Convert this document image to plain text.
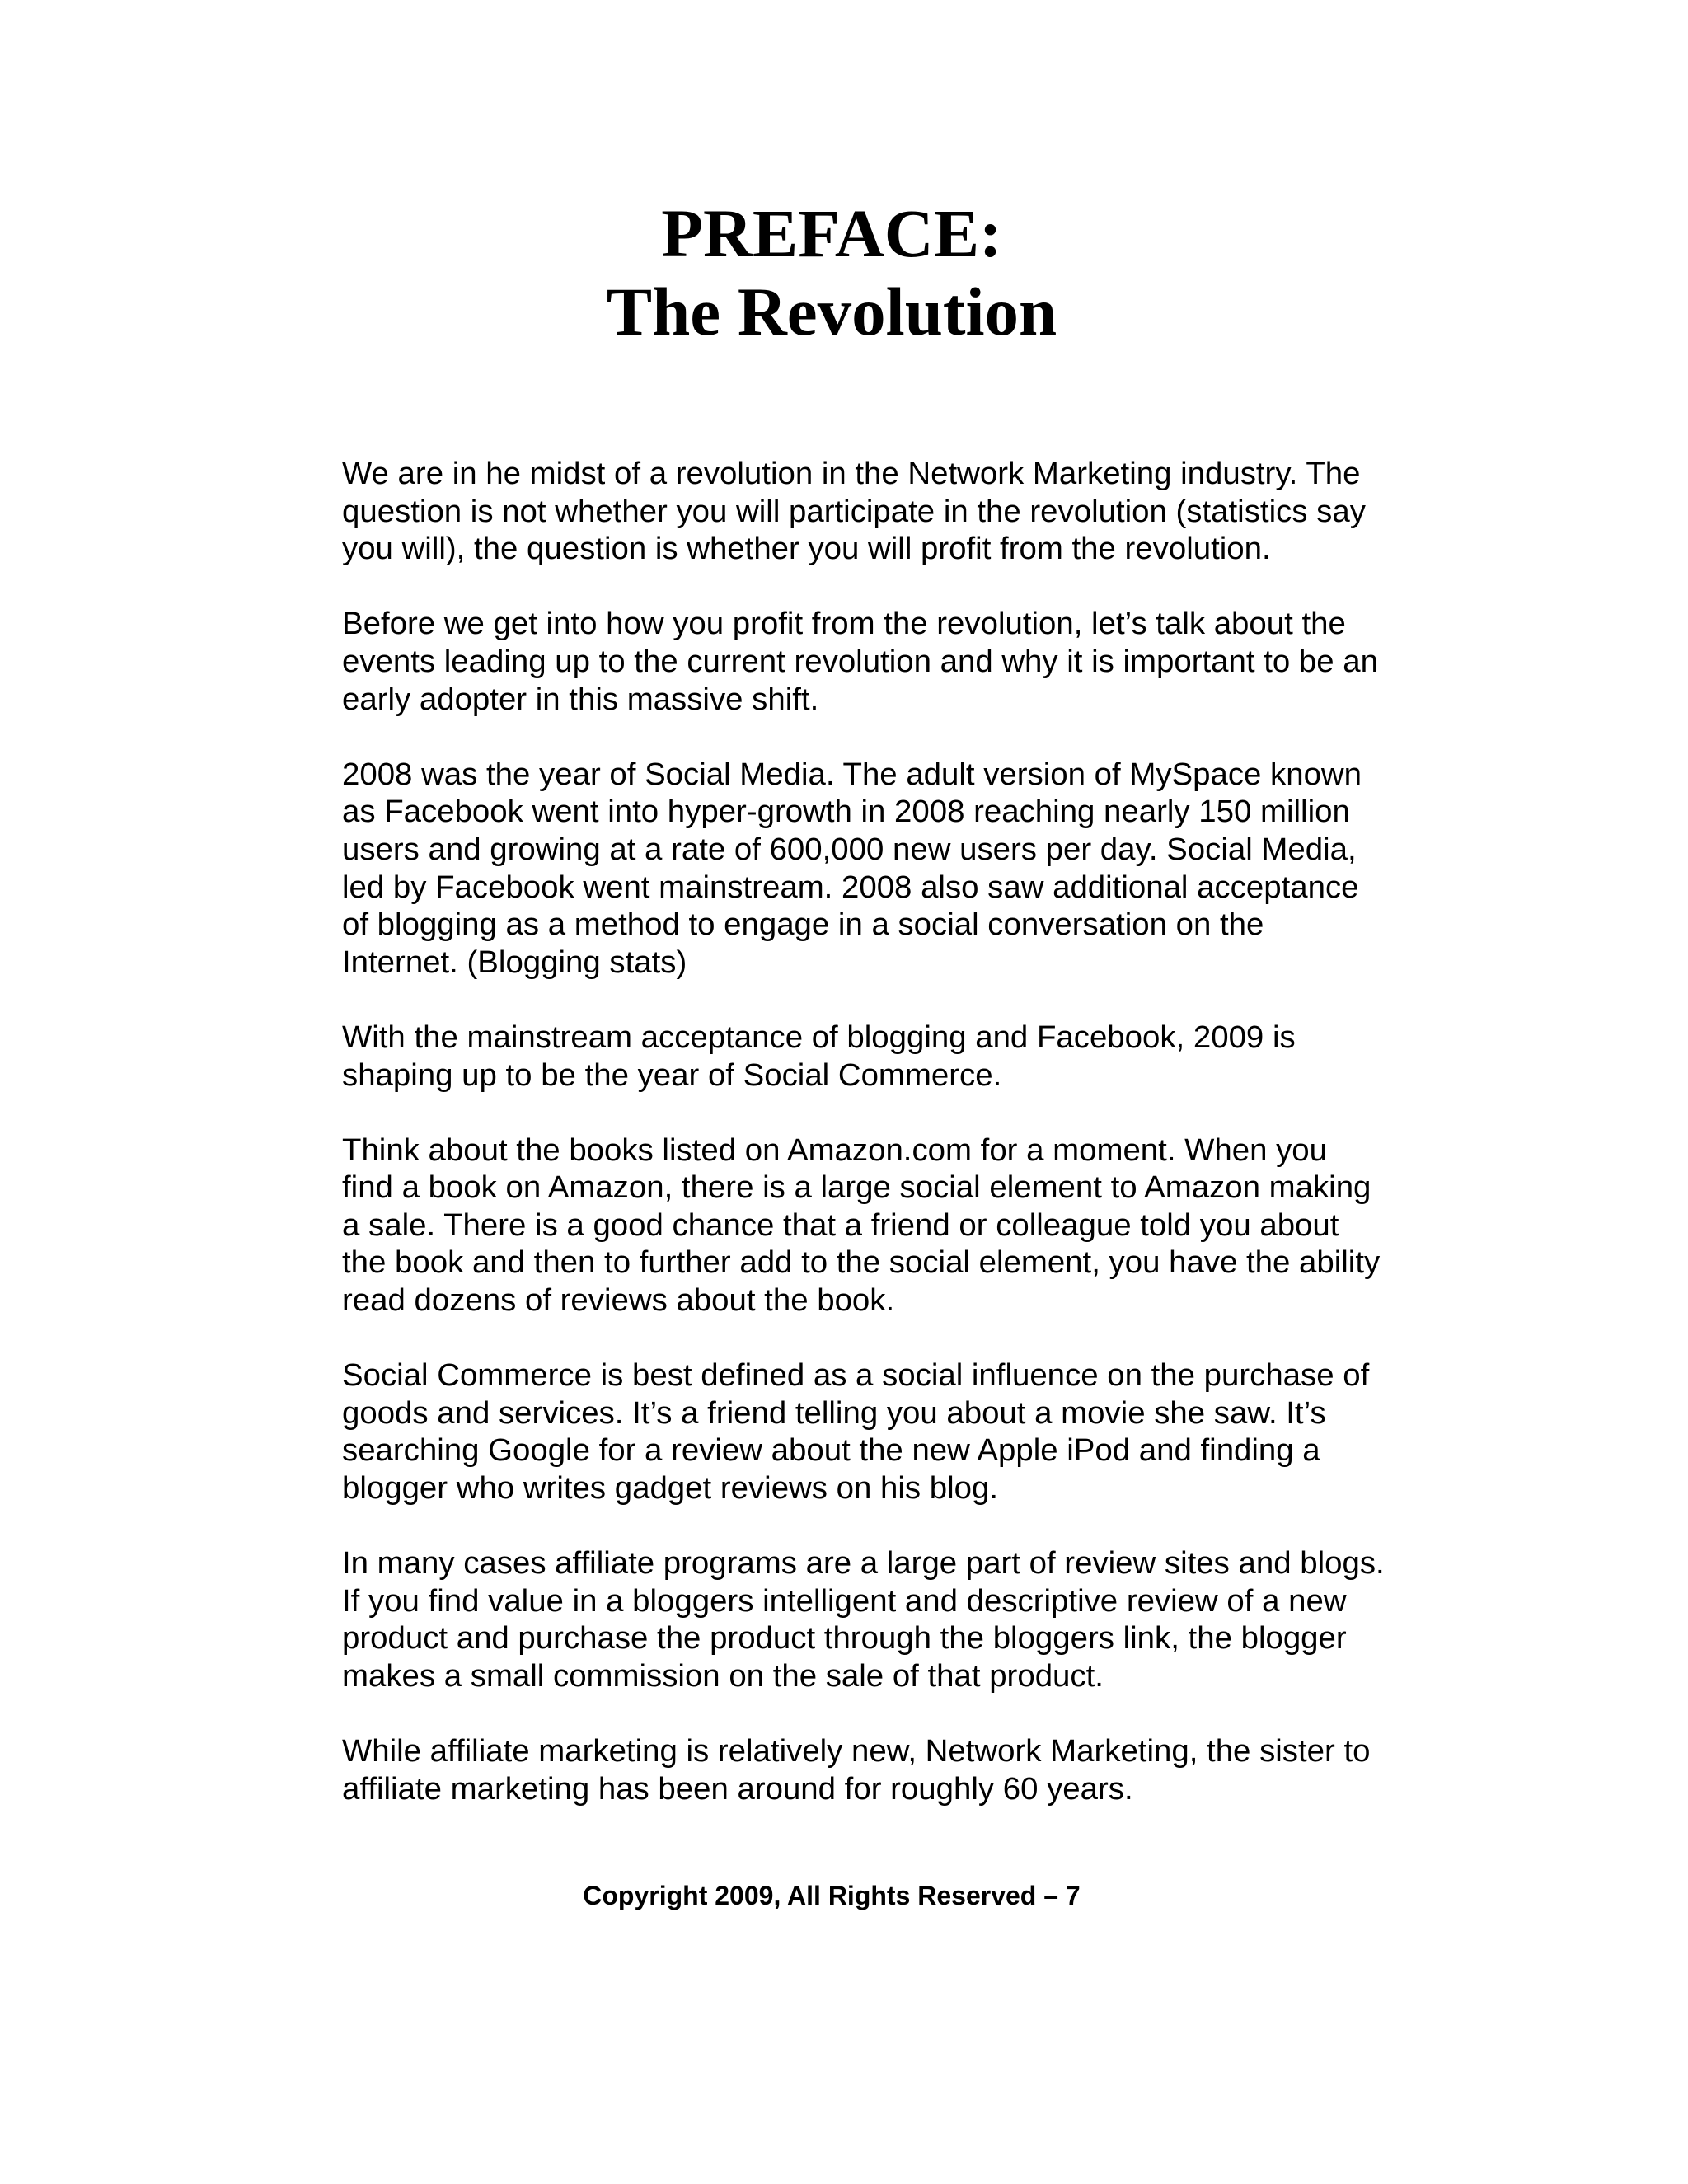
PREFACE:
The Revolution
We are in he midst of a revolution in the Network Marketing industry. The
question is not whether you will participate in the revolution (statistics say
you will), the question is whether you will profit from the revolution.
Before we get into how you profit from the revolution, let’s talk about the
events leading up to the current revolution and why it is important to be an
early adopter in this massive shift.
2008 was the year of Social Media. The adult version of MySpace known
as Facebook went into hyper-growth in 2008 reaching nearly 150 million
users and growing at a rate of 600,000 new users per day. Social Media,
led by Facebook went mainstream. 2008 also saw additional acceptance
of blogging as a method to engage in a social conversation on the
Internet. (Blogging stats)
With the mainstream acceptance of blogging and Facebook, 2009 is
shaping up to be the year of Social Commerce.
Think about the books listed on Amazon.com for a moment. When you
find a book on Amazon, there is a large social element to Amazon making
a sale. There is a good chance that a friend or colleague told you about
the book and then to further add to the social element, you have the ability
read dozens of reviews about the book.
Social Commerce is best defined as a social influence on the purchase of
goods and services. It’s a friend telling you about a movie she saw. It’s
searching Google for a review about the new Apple iPod and finding a
blogger who writes gadget reviews on his blog.
In many cases affiliate programs are a large part of review sites and blogs.
If you find value in a bloggers intelligent and descriptive review of a new
product and purchase the product through the bloggers link, the blogger
makes a small commission on the sale of that product.
While affiliate marketing is relatively new, Network Marketing, the sister to
affiliate marketing has been around for roughly 60 years.
Copyright 2009, All Rights Reserved – 7
